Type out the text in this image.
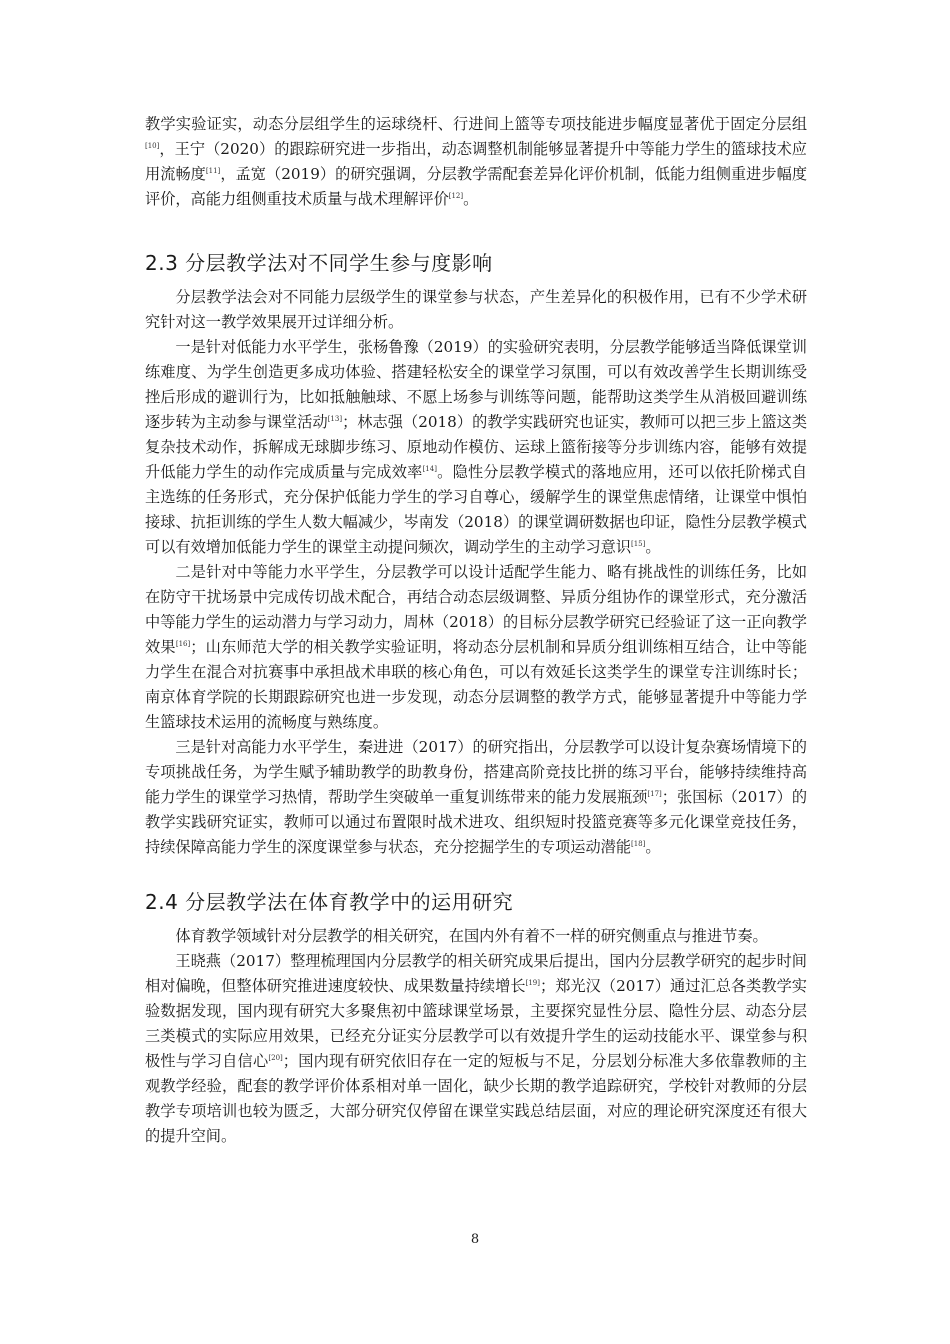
教学实验证实，动态分层组学生的运球绕杆、行进间上篮等专项技能进步幅度显著优于固定分层组[10]，王宁（2020）的跟踪研究进一步指出，动态调整机制能够显著提升中等能力学生的篮球技术应用流畅度[11]，孟宽（2019）的研究强调，分层教学需配套差异化评价机制，低能力组侧重进步幅度评价，高能力组侧重技术质量与战术理解评价[12]。

2.3 分层教学法对不同学生参与度影响

分层教学法会对不同能力层级学生的课堂参与状态，产生差异化的积极作用，已有不少学术研究针对这一教学效果展开过详细分析。

一是针对低能力水平学生，张杨鲁豫（2019）的实验研究表明，分层教学能够适当降低课堂训练难度、为学生创造更多成功体验、搭建轻松安全的课堂学习氛围，可以有效改善学生长期训练受挫后形成的避训行为，比如抵触触球、不愿上场参与训练等问题，能帮助这类学生从消极回避训练逐步转为主动参与课堂活动[13]；林志强（2018）的教学实践研究也证实，教师可以把三步上篮这类复杂技术动作，拆解成无球脚步练习、原地动作模仿、运球上篮衔接等分步训练内容，能够有效提升低能力学生的动作完成质量与完成效率[14]。隐性分层教学模式的落地应用，还可以依托阶梯式自主选练的任务形式，充分保护低能力学生的学习自尊心，缓解学生的课堂焦虑情绪，让课堂中惧怕接球、抗拒训练的学生人数大幅减少，岑南发（2018）的课堂调研数据也印证，隐性分层教学模式可以有效增加低能力学生的课堂主动提问频次，调动学生的主动学习意识[15]。

二是针对中等能力水平学生，分层教学可以设计适配学生能力、略有挑战性的训练任务，比如在防守干扰场景中完成传切战术配合，再结合动态层级调整、异质分组协作的课堂形式，充分激活中等能力学生的运动潜力与学习动力，周林（2018）的目标分层教学研究已经验证了这一正向教学效果[16]；山东师范大学的相关教学实验证明，将动态分层机制和异质分组训练相互结合，让中等能力学生在混合对抗赛事中承担战术串联的核心角色，可以有效延长这类学生的课堂专注训练时长；南京体育学院的长期跟踪研究也进一步发现，动态分层调整的教学方式，能够显著提升中等能力学生篮球技术运用的流畅度与熟练度。

三是针对高能力水平学生，秦进进（2017）的研究指出，分层教学可以设计复杂赛场情境下的专项挑战任务，为学生赋予辅助教学的助教身份，搭建高阶竞技比拼的练习平台，能够持续维持高能力学生的课堂学习热情，帮助学生突破单一重复训练带来的能力发展瓶颈[17]；张国标（2017）的教学实践研究证实，教师可以通过布置限时战术进攻、组织短时投篮竞赛等多元化课堂竞技任务，持续保障高能力学生的深度课堂参与状态，充分挖掘学生的专项运动潜能[18]。

2.4 分层教学法在体育教学中的运用研究

体育教学领域针对分层教学的相关研究，在国内外有着不一样的研究侧重点与推进节奏。

王晓燕（2017）整理梳理国内分层教学的相关研究成果后提出，国内分层教学研究的起步时间相对偏晚，但整体研究推进速度较快、成果数量持续增长[19]；郑光汉（2017）通过汇总各类教学实验数据发现，国内现有研究大多聚焦初中篮球课堂场景，主要探究显性分层、隐性分层、动态分层三类模式的实际应用效果，已经充分证实分层教学可以有效提升学生的运动技能水平、课堂参与积极性与学习自信心[20]；国内现有研究依旧存在一定的短板与不足，分层划分标准大多依靠教师的主观教学经验，配套的教学评价体系相对单一固化，缺少长期的教学追踪研究，学校针对教师的分层教学专项培训也较为匮乏，大部分研究仅停留在课堂实践总结层面，对应的理论研究深度还有很大的提升空间。

8
